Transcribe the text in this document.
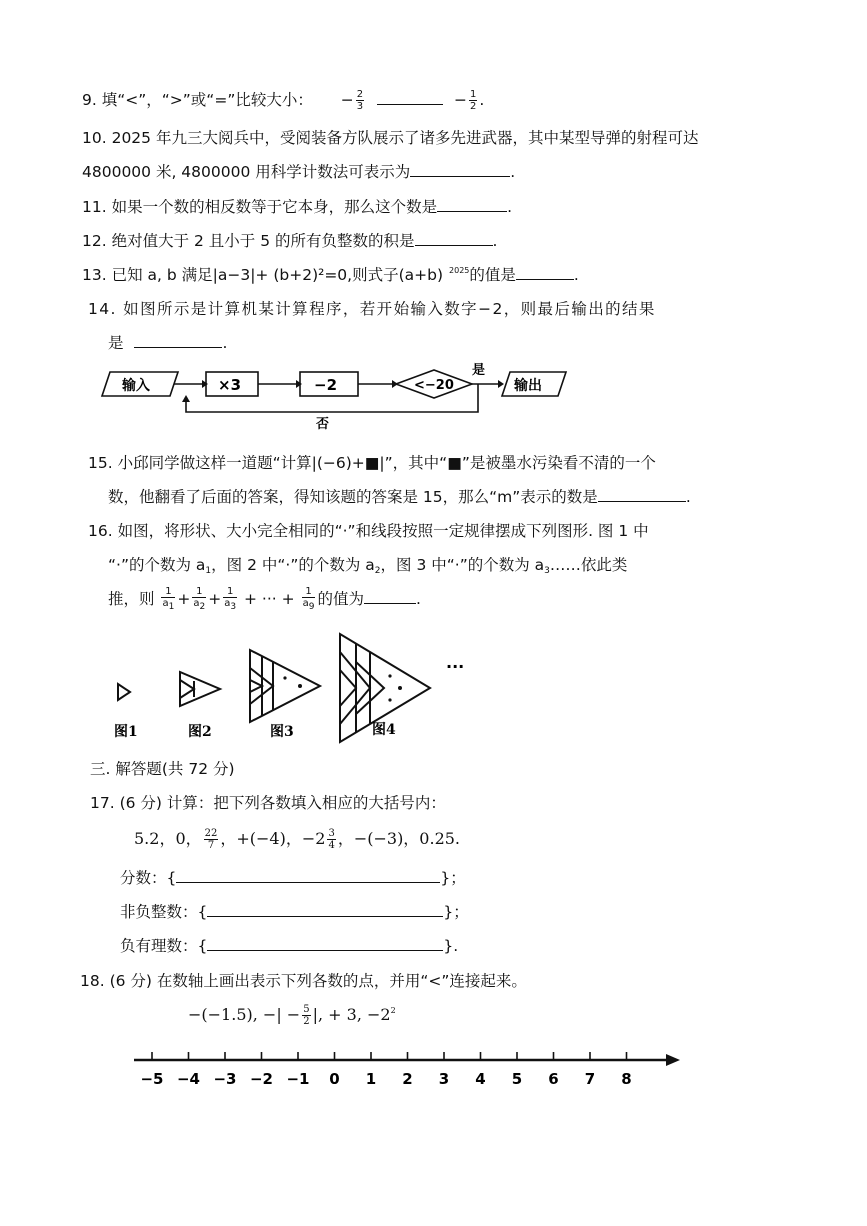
9. 填“<”，“>”或“=”比较大小： − $\frac{2}{3}$	− $\frac{1}{2}$ .
10. 2025 年九三大阅兵中，受阅装备方队展示了诸多先进武器，其中某型导弹的射程可达
4800000 米, 4800000 用科学计数法可表示为	.
11. 如果一个数的相反数等于它本身，那么这个数是	.
12. 绝对值大于 2 且小于 5 的所有负整数的积是	.
13. 已知 a, b 满足|a−3|+ (b+2)²=0,则式子(a+b) $^{2025}$的值是	.
14. 如图所示是计算机某计算程序，若开始输入数字−2，则最后输出的结果
是	.
输入	×3	−2	<−20
是
输出
否
15. 小邱同学做这样一道题“计算|(−6)+■|”，其中“■”是被墨水污染看不清的一个
数，他翻看了后面的答案，得知该题的答案是 15，那么“m”表示的数是	.
16. 如图，将形状、大小完全相同的“·”和线段按照一定规律摆成下列图形. 图 1 中
“·”的个数为 $a_1$，图 2 中“·”的个数为 $a_2$，图 3 中“·”的个数为 $a_3\dots\dots$依此类
推，则 $\frac{1}{a1} + \frac{1}{a2} + \frac{1}{a3}$ + ··· + $\frac{1}{a9}$ 的值为	.
···
图1	图2	图3	图4
三. 解答题(共 72 分)
17. (6 分) 计算：把下列各数填入相应的大括号内：
5.2，0， $\frac{22}{7}$ ，+(−4)，$-2 \frac{3}{4}$ ，−(−3)，0.25.
分数：{	}；
非负整数：{	}；
负有理数：{	}.
18. (6 分) 在数轴上画出表示下列各数的点，并用“<”连接起来。
−(−1.5), −| − $\frac{5}{2}$ |, + 3, $-2^2$
−5 −4 −3 −2 −1 0 1 2 3 4 5 6 7 8
